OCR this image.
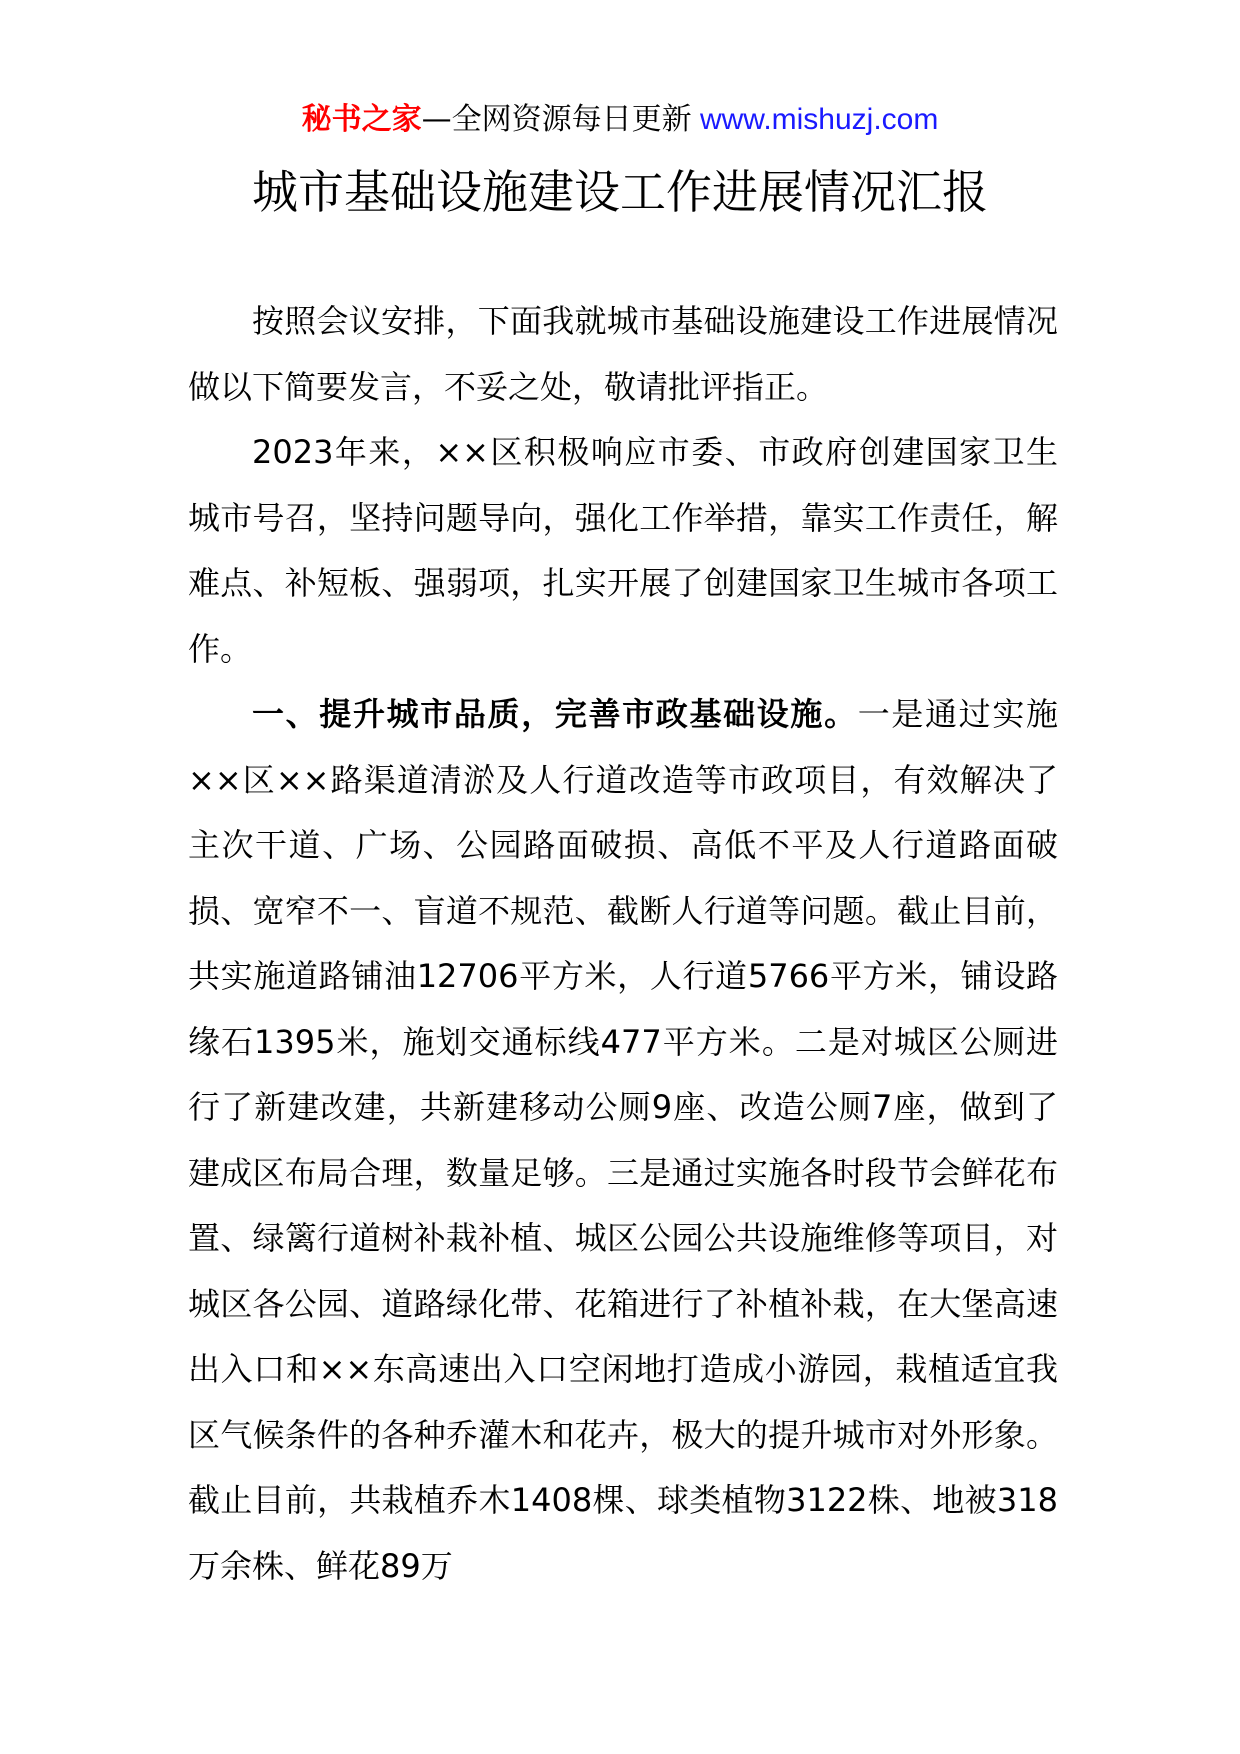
秘书之家—全网资源每日更新 www.mishuzj.com
城市基础设施建设工作进展情况汇报

按照会议安排，下面我就城市基础设施建设工作进展情况做以下简要发言，不妥之处，敬请批评指正。

2023年来，××区积极响应市委、市政府创建国家卫生城市号召，坚持问题导向，强化工作举措，靠实工作责任，解难点、补短板、强弱项，扎实开展了创建国家卫生城市各项工作。

一、提升城市品质，完善市政基础设施。一是通过实施××区××路渠道清淤及人行道改造等市政项目，有效解决了主次干道、广场、公园路面破损、高低不平及人行道路面破损、宽窄不一、盲道不规范、截断人行道等问题。截止目前，共实施道路铺油12706平方米，人行道5766平方米，铺设路缘石1395米，施划交通标线477平方米。二是对城区公厕进行了新建改建，共新建移动公厕9座、改造公厕7座，做到了建成区布局合理，数量足够。三是通过实施各时段节会鲜花布置、绿篱行道树补栽补植、城区公园公共设施维修等项目，对城区各公园、道路绿化带、花箱进行了补植补栽，在大堡高速出入口和××东高速出入口空闲地打造成小游园，栽植适宜我区气候条件的各种乔灌木和花卉，极大的提升城市对外形象。截止目前，共栽植乔木1408棵、球类植物3122株、地被318万余株、鲜花89万
